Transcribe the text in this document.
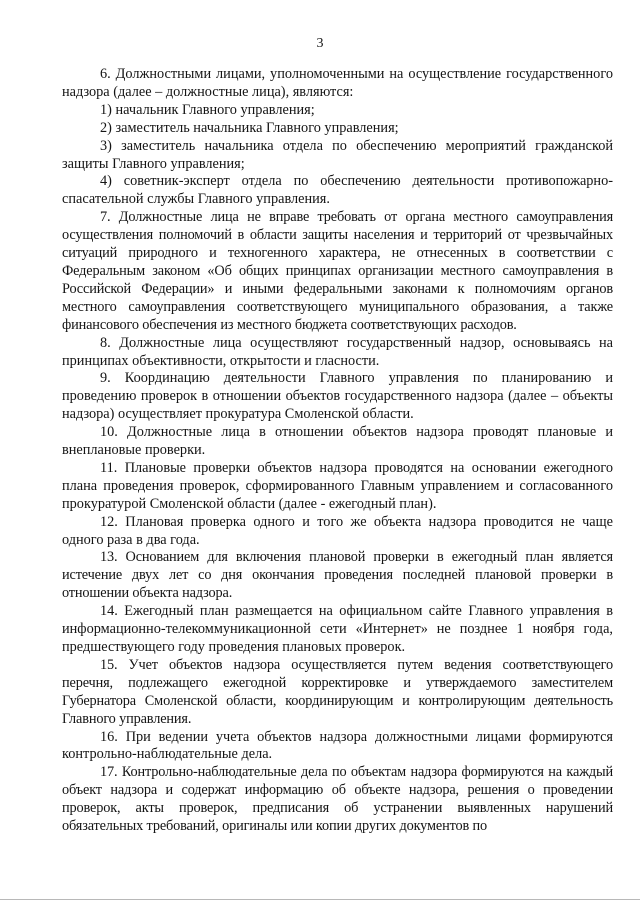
3

6. Должностными лицами, уполномоченными на осуществление государственного надзора (далее – должностные лица), являются:

1) начальник Главного управления;

2) заместитель начальника Главного управления;

3) заместитель начальника отдела по обеспечению мероприятий гражданской защиты Главного управления;

4) советник-эксперт отдела по обеспечению деятельности противопожарно-спасательной службы Главного управления.

7. Должностные лица не вправе требовать от органа местного самоуправления осуществления полномочий в области защиты населения и территорий от чрезвычайных ситуаций природного и техногенного характера, не отнесенных в соответствии с Федеральным законом «Об общих принципах организации местного самоуправления в Российской Федерации» и иными федеральными законами к полномочиям органов местного самоуправления соответствующего муниципального образования, а также финансового обеспечения из местного бюджета соответствующих расходов.

8. Должностные лица осуществляют государственный надзор, основываясь на принципах объективности, открытости и гласности.

9. Координацию деятельности Главного управления по планированию и проведению проверок в отношении объектов государственного надзора (далее – объекты надзора) осуществляет прокуратура Смоленской области.

10. Должностные лица в отношении объектов надзора проводят плановые и внеплановые проверки.

11. Плановые проверки объектов надзора проводятся на основании ежегодного плана проведения проверок, сформированного Главным управлением и согласованного прокуратурой Смоленской области (далее - ежегодный план).

12. Плановая проверка одного и того же объекта надзора проводится не чаще одного раза в два года.

13. Основанием для включения плановой проверки в ежегодный план является истечение двух лет со дня окончания проведения последней плановой проверки в отношении объекта надзора.

14. Ежегодный план размещается на официальном сайте Главного управления в информационно-телекоммуникационной сети «Интернет» не позднее 1 ноября года, предшествующего году проведения плановых проверок.

15. Учет объектов надзора осуществляется путем ведения соответствующего перечня, подлежащего ежегодной корректировке и утверждаемого заместителем Губернатора Смоленской области, координирующим и контролирующим деятельность Главного управления.

16. При ведении учета объектов надзора должностными лицами формируются контрольно-наблюдательные дела.

17. Контрольно-наблюдательные дела по объектам надзора формируются на каждый объект надзора и содержат информацию об объекте надзора, решения о проведении проверок, акты проверок, предписания об устранении выявленных нарушений обязательных требований, оригиналы или копии других документов по
